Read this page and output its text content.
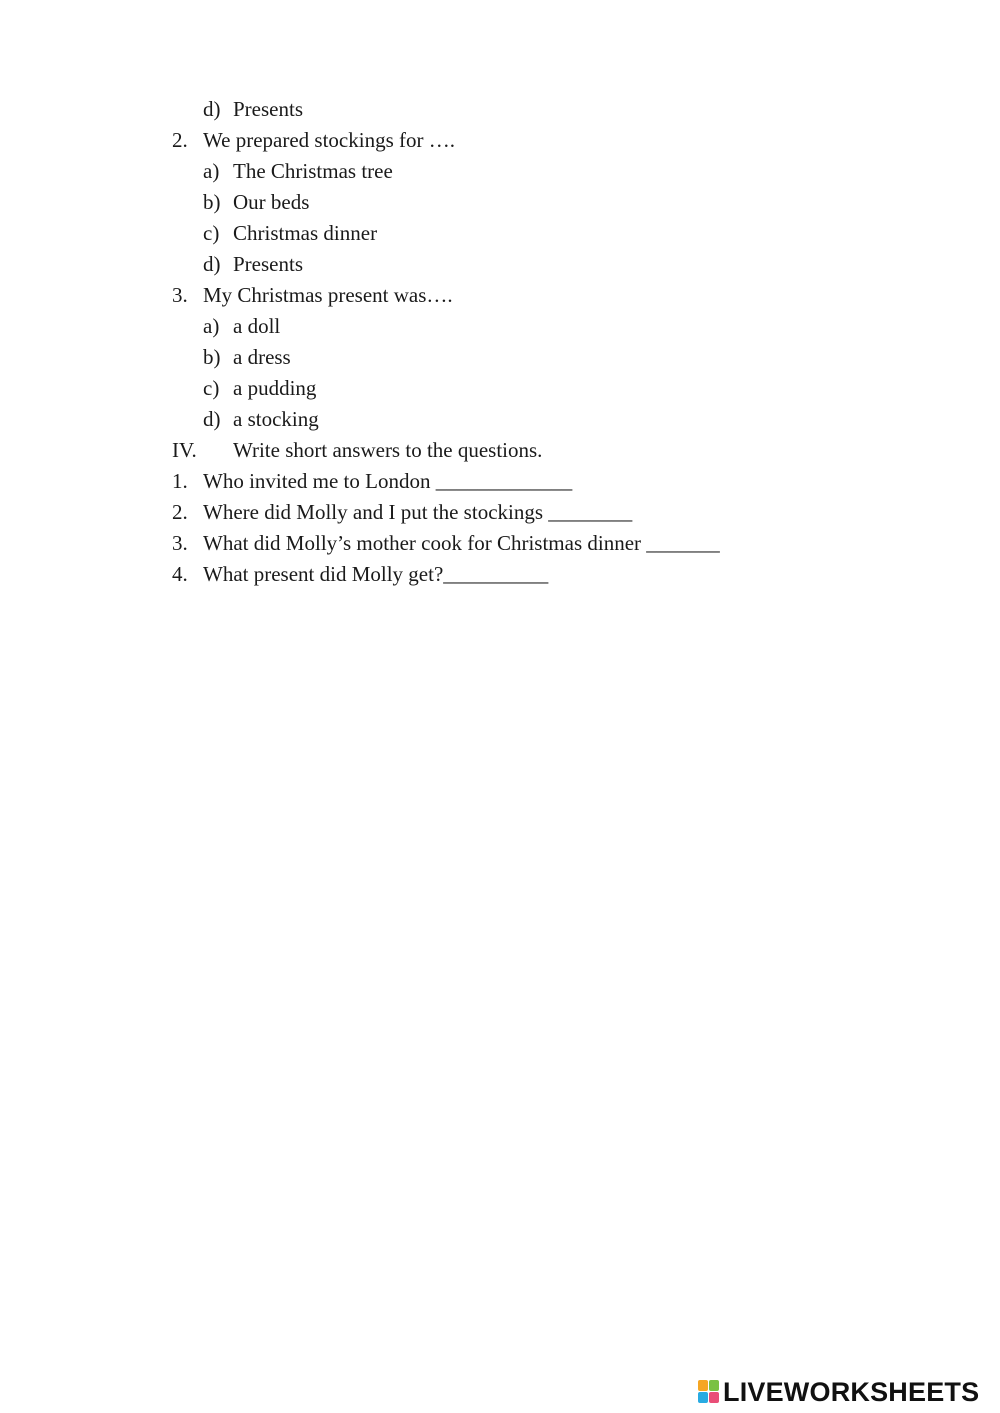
d)

Presents

2.

We prepared stockings for ….

a)

The Christmas tree

b)

Our beds

c)

Christmas dinner

d)

Presents

3.

My Christmas present was….

a)

a doll

b)

a dress

c)

a pudding

d)

a stocking

IV.

Write short answers to the questions.

1.

Who invited me to London _____________

2.

Where did Molly and I put the stockings ________

3.

What did Molly’s mother cook for Christmas dinner _______

4.

What present did Molly get?__________

LIVEWORKSHEETS
